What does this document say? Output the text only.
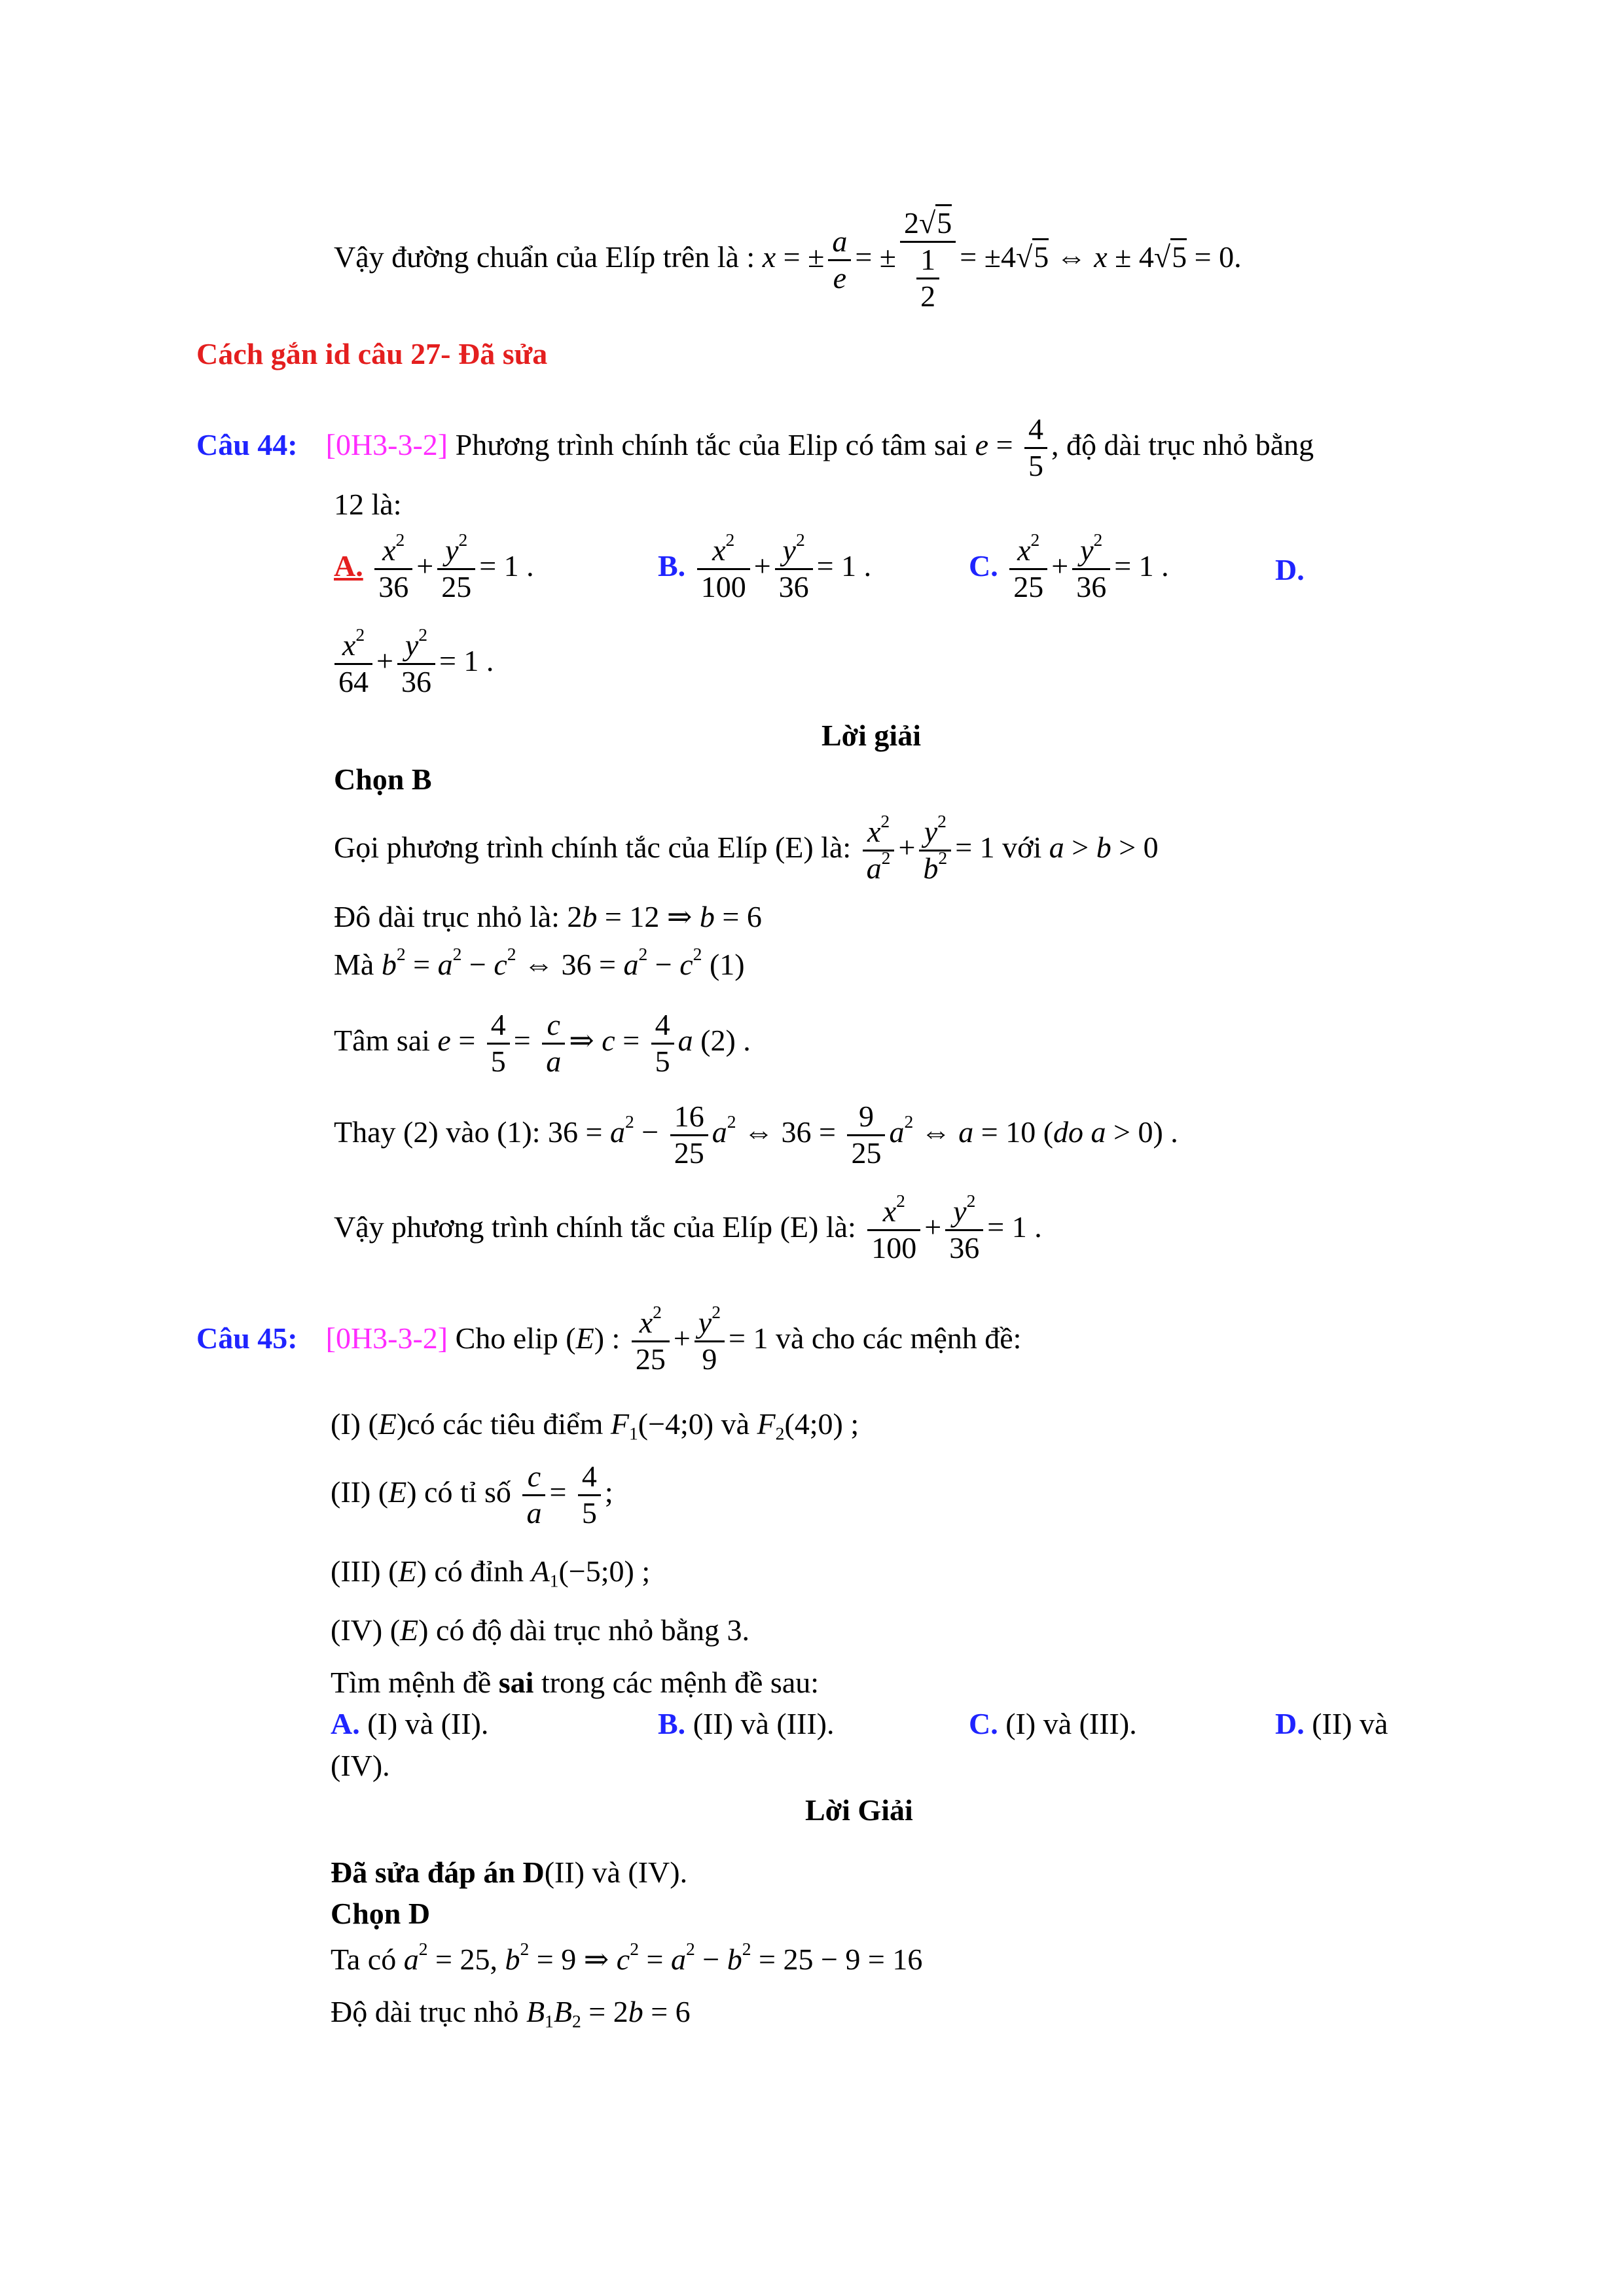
Vậy đường chuẩn của Elíp trên là : x = ± $\frac{a}{e}$ = ± $\frac{2√5}{\frac{1}{2}} = \pm 4√5$ ⇔ x ± 4√5 = 0.
Cách gắn id câu 27- Đã sửa
Câu 44: [0H3-3-2] Phương trình chính tắc của Elip có tâm sai $e = \frac{4}{5}$ , độ dài trục nhỏ bằng
12 là:
A. $\frac{x^2}{36} + \frac{y^2}{25} = 1$ .	B. $\frac{x^2}{100} + \frac{y^2}{36} = 1$ .	C. $\frac{x^2}{25} + \frac{y^2}{36} = 1$ .	D.
$\frac{x^2}{64} + \frac{y^2}{36} = 1$ .
Lời giải
Chọn B
Gọi phương trình chính tắc của Elíp (E) là: $\frac{x^2}{a^2} + \frac{y^2}{b^2} = 1$ với a > b > 0
Đô dài trục nhỏ là: 2b = 12 ⇒ b = 6
Mà $b^2 = a^2 - c^2$ ⇔ $36 = a^2 - c^2$ (1)
Tâm sai $e = \frac{4}{5} = \frac{c}{a}$ ⇒ $c = \frac{4}{5}$ a (2) .
Thay (2) vào (1): $36 = a^2 - \frac{16}{25} a^2$ ⇔ $36 = \frac{9}{25} a^2$ ⇔ a = 10 (do a > 0) .
Vậy phương trình chính tắc của Elíp (E) là: $\frac{x^2}{100} + \frac{y^2}{36} = 1$ .
Câu 45: [0H3-3-2] Cho elip (E) : $\frac{x^2}{25} + \frac{y^2}{9} = 1$ và cho các mệnh đề:
(I) (E)có các tiêu điểm $F_1(-4;0)$ và $F_2(4;0)$ ;
(II) (E) có tỉ số $\frac{c}{a} = \frac{4}{5}$ ;
(III) (E) có đỉnh $A_1(-5;0)$ ;
(IV) (E) có độ dài trục nhỏ bằng 3.
Tìm mệnh đề sai trong các mệnh đề sau:
A. (I) và (II).	B. (II) và (III).	C. (I) và (III).	D. (II) và
(IV).
Lời Giải
Đã sửa đáp án D(II) và (IV).
Chọn D
Ta có $a^2 = 25$, $b^2 = 9$ ⇒ $c^2 = a^2 - b^2 = 25 - 9 = 16$
Độ dài trục nhỏ $B_1B_2 = 2b = 6$
